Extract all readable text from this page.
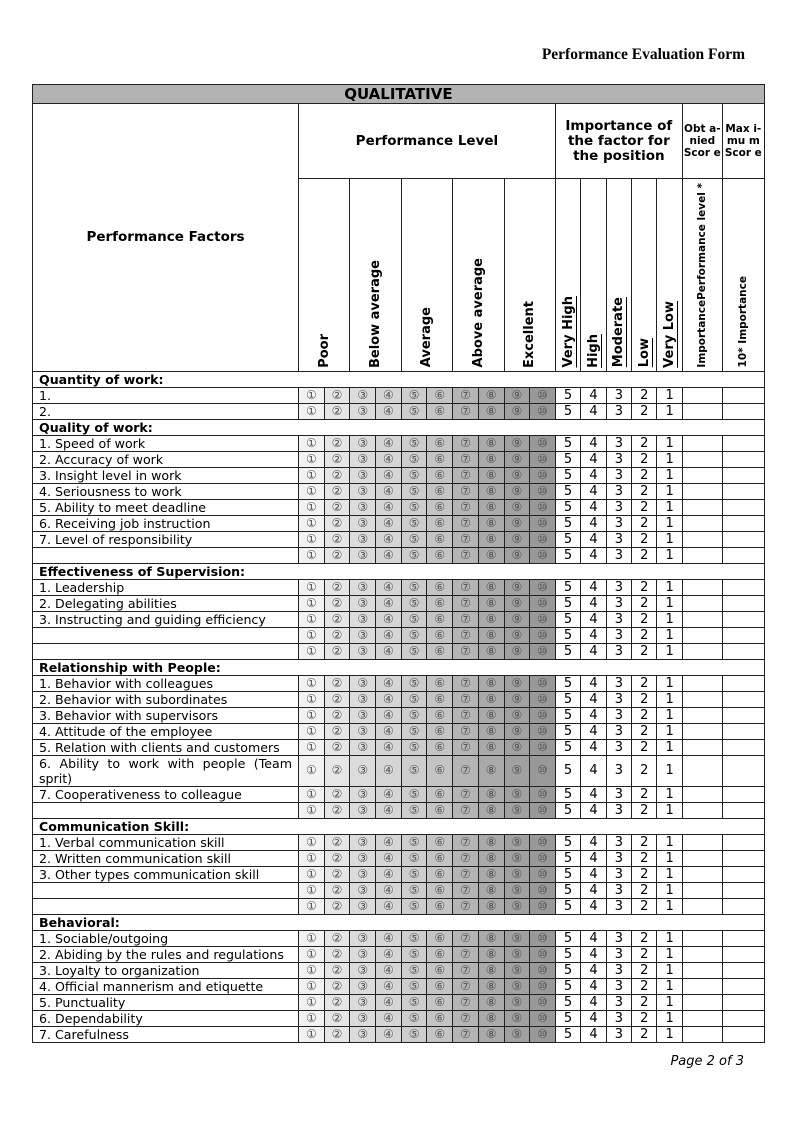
Performance Evaluation Form
QUALITATIVE																	
Performance Factors	Performance Level										Importance of the factor for the position					Obt a-nied Scor e	Max i-mu m Scor e
	Poor		Below average		Average		Above average		Excellent		Very High	High	Moderate	Low	Very Low	ImportancePerformance level *	10* Importance
Quantity of work:																	
1.	①	②	③	④	⑤	⑥	⑦	⑧	⑨	⑩	5	4	3	2	1		
2.	①	②	③	④	⑤	⑥	⑦	⑧	⑨	⑩	5	4	3	2	1		
Quality of work:																	
1. Speed of work	①	②	③	④	⑤	⑥	⑦	⑧	⑨	⑩	5	4	3	2	1		
2. Accuracy of work	①	②	③	④	⑤	⑥	⑦	⑧	⑨	⑩	5	4	3	2	1		
3. Insight level in work	①	②	③	④	⑤	⑥	⑦	⑧	⑨	⑩	5	4	3	2	1		
4. Seriousness to work	①	②	③	④	⑤	⑥	⑦	⑧	⑨	⑩	5	4	3	2	1		
5. Ability to meet deadline	①	②	③	④	⑤	⑥	⑦	⑧	⑨	⑩	5	4	3	2	1		
6. Receiving job instruction	①	②	③	④	⑤	⑥	⑦	⑧	⑨	⑩	5	4	3	2	1		
7. Level of responsibility	①	②	③	④	⑤	⑥	⑦	⑧	⑨	⑩	5	4	3	2	1		
	①	②	③	④	⑤	⑥	⑦	⑧	⑨	⑩	5	4	3	2	1		
Effectiveness of Supervision:																	
1. Leadership	①	②	③	④	⑤	⑥	⑦	⑧	⑨	⑩	5	4	3	2	1		
2. Delegating abilities	①	②	③	④	⑤	⑥	⑦	⑧	⑨	⑩	5	4	3	2	1		
3. Instructing and guiding efficiency	①	②	③	④	⑤	⑥	⑦	⑧	⑨	⑩	5	4	3	2	1		
	①	②	③	④	⑤	⑥	⑦	⑧	⑨	⑩	5	4	3	2	1		
	①	②	③	④	⑤	⑥	⑦	⑧	⑨	⑩	5	4	3	2	1		
Relationship with People:																	
1. Behavior with colleagues	①	②	③	④	⑤	⑥	⑦	⑧	⑨	⑩	5	4	3	2	1		
2. Behavior with subordinates	①	②	③	④	⑤	⑥	⑦	⑧	⑨	⑩	5	4	3	2	1		
3. Behavior with supervisors	①	②	③	④	⑤	⑥	⑦	⑧	⑨	⑩	5	4	3	2	1		
4. Attitude of the employee	①	②	③	④	⑤	⑥	⑦	⑧	⑨	⑩	5	4	3	2	1		
5. Relation with clients and customers	①	②	③	④	⑤	⑥	⑦	⑧	⑨	⑩	5	4	3	2	1		
6. Ability to work with people (Team sprit)	①	②	③	④	⑤	⑥	⑦	⑧	⑨	⑩	5	4	3	2	1		
7. Cooperativeness to colleague	①	②	③	④	⑤	⑥	⑦	⑧	⑨	⑩	5	4	3	2	1		
	①	②	③	④	⑤	⑥	⑦	⑧	⑨	⑩	5	4	3	2	1		
Communication Skill:																	
1. Verbal communication skill	①	②	③	④	⑤	⑥	⑦	⑧	⑨	⑩	5	4	3	2	1		
2. Written communication skill	①	②	③	④	⑤	⑥	⑦	⑧	⑨	⑩	5	4	3	2	1		
3. Other types communication skill	①	②	③	④	⑤	⑥	⑦	⑧	⑨	⑩	5	4	3	2	1		
	①	②	③	④	⑤	⑥	⑦	⑧	⑨	⑩	5	4	3	2	1		
	①	②	③	④	⑤	⑥	⑦	⑧	⑨	⑩	5	4	3	2	1		
Behavioral:																	
1. Sociable/outgoing	①	②	③	④	⑤	⑥	⑦	⑧	⑨	⑩	5	4	3	2	1		
2. Abiding by the rules and regulations	①	②	③	④	⑤	⑥	⑦	⑧	⑨	⑩	5	4	3	2	1		
3. Loyalty to organization	①	②	③	④	⑤	⑥	⑦	⑧	⑨	⑩	5	4	3	2	1		
4. Official mannerism and etiquette	①	②	③	④	⑤	⑥	⑦	⑧	⑨	⑩	5	4	3	2	1		
5. Punctuality	①	②	③	④	⑤	⑥	⑦	⑧	⑨	⑩	5	4	3	2	1		
6. Dependability	①	②	③	④	⑤	⑥	⑦	⑧	⑨	⑩	5	4	3	2	1		
7. Carefulness	①	②	③	④	⑤	⑥	⑦	⑧	⑨	⑩	5	4	3	2	1		
Page 2 of 3
